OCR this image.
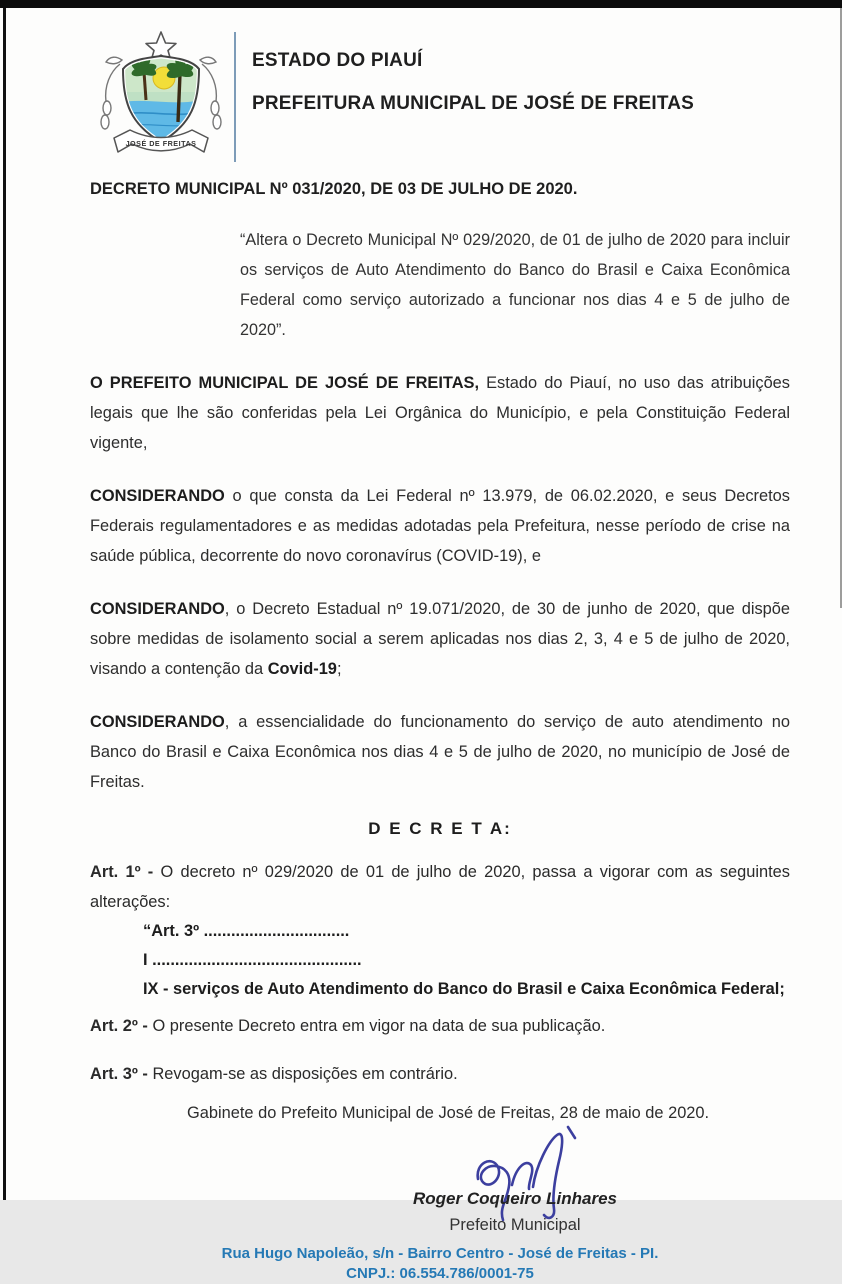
JOSÉ DE FREITAS
ESTADO DO PIAUÍ
PREFEITURA MUNICIPAL DE JOSÉ DE FREITAS
DECRETO MUNICIPAL Nº 031/2020, DE 03 DE JULHO DE 2020.
“Altera o Decreto Municipal Nº 029/2020, de 01 de julho de 2020 para incluir os serviços de Auto Atendimento do Banco do Brasil e Caixa Econômica Federal como serviço autorizado a funcionar nos dias 4 e 5 de julho de 2020”.
O PREFEITO MUNICIPAL DE JOSÉ DE FREITAS, Estado do Piauí, no uso das atribuições legais que lhe são conferidas pela Lei Orgânica do Município, e pela Constituição Federal vigente,
CONSIDERANDO o que consta da Lei Federal nº 13.979, de 06.02.2020, e seus Decretos Federais regulamentadores e as medidas adotadas pela Prefeitura, nesse período de crise na saúde pública, decorrente do novo coronavírus (COVID-19), e
CONSIDERANDO, o Decreto Estadual nº 19.071/2020, de 30 de junho de 2020, que dispõe sobre medidas de isolamento social a serem aplicadas nos dias 2, 3, 4 e 5 de julho de 2020, visando a contenção da Covid-19;
CONSIDERANDO, a essencialidade do funcionamento do serviço de auto atendimento no Banco do Brasil e Caixa Econômica nos dias 4 e 5 de julho de 2020, no município de José de Freitas.
D E C R E T A:
Art. 1º - O decreto nº 029/2020 de 01 de julho de 2020, passa a vigorar com as seguintes alterações:
“Art. 3º ................................
I ..............................................
IX - serviços de Auto Atendimento do Banco do Brasil e Caixa Econômica Federal;
Art. 2º - O presente Decreto entra em vigor na data de sua publicação.
Art. 3º - Revogam-se as disposições em contrário.
Gabinete do Prefeito Municipal de José de Freitas, 28 de maio de 2020.
Roger Coqueiro Linhares
Prefeito Municipal
Rua Hugo Napoleão, s/n - Bairro Centro - José de Freitas - PI.
CNPJ.: 06.554.786/0001-75
